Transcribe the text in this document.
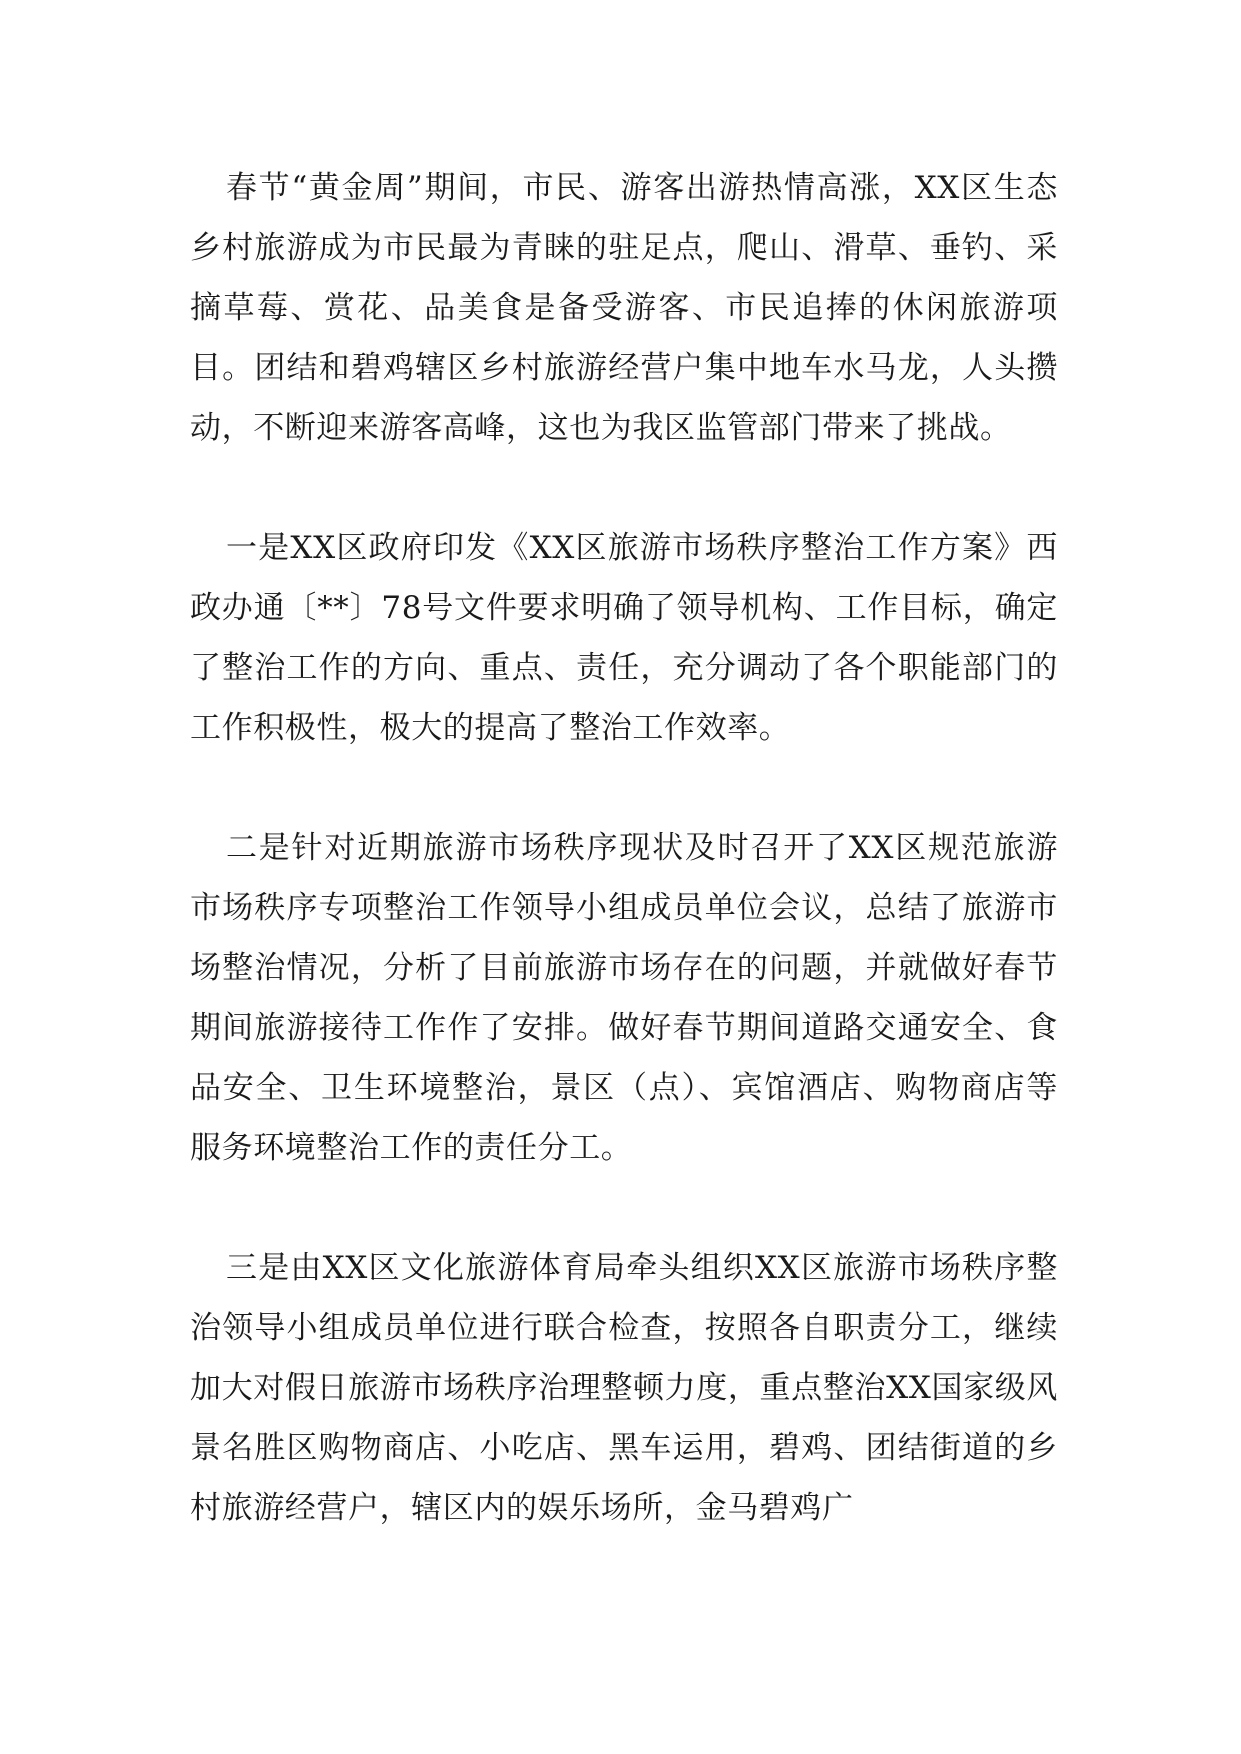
春节“黄金周”期间，市民、游客出游热情高涨，XX区生态乡村旅游成为市民最为青睐的驻足点，爬山、滑草、垂钓、采摘草莓、赏花、品美食是备受游客、市民追捧的休闲旅游项目。团结和碧鸡辖区乡村旅游经营户集中地车水马龙，人头攒动，不断迎来游客高峰，这也为我区监管部门带来了挑战。

一是XX区政府印发《XX区旅游市场秩序整治工作方案》西政办通〔**〕78号文件要求明确了领导机构、工作目标，确定了整治工作的方向、重点、责任，充分调动了各个职能部门的工作积极性，极大的提高了整治工作效率。

二是针对近期旅游市场秩序现状及时召开了XX区规范旅游市场秩序专项整治工作领导小组成员单位会议，总结了旅游市场整治情况，分析了目前旅游市场存在的问题，并就做好春节期间旅游接待工作作了安排。做好春节期间道路交通安全、食品安全、卫生环境整治，景区（点）、宾馆酒店、购物商店等服务环境整治工作的责任分工。

三是由XX区文化旅游体育局牵头组织XX区旅游市场秩序整治领导小组成员单位进行联合检查，按照各自职责分工，继续加大对假日旅游市场秩序治理整顿力度，重点整治XX国家级风景名胜区购物商店、小吃店、黑车运用，碧鸡、团结街道的乡村旅游经营户，辖区内的娱乐场所，金马碧鸡广
